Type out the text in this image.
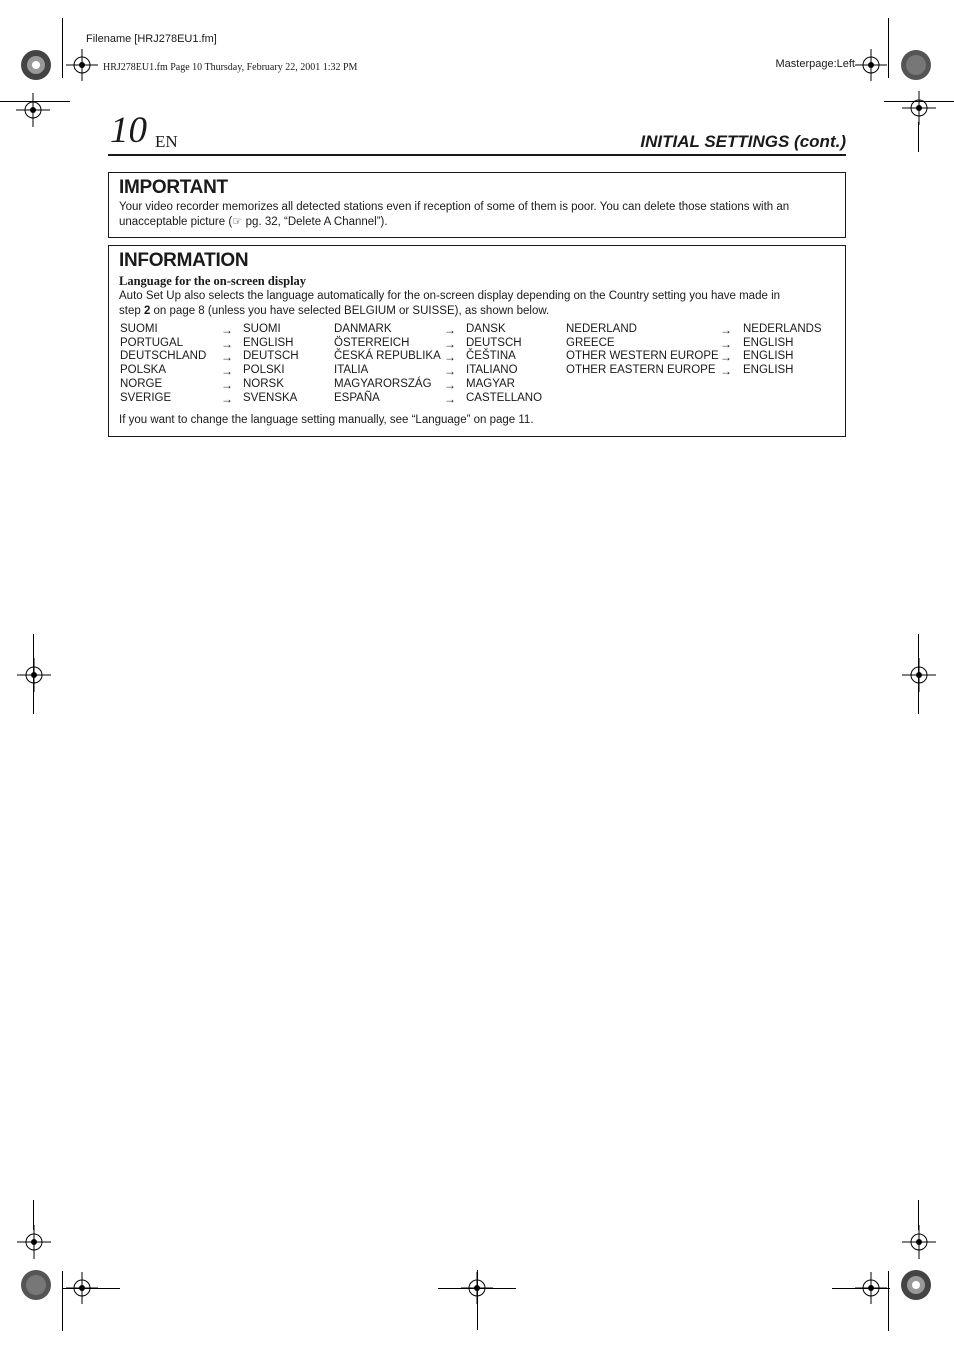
Filename [HRJ278EU1.fm]
HRJ278EU1.fm Page 10 Thursday, February 22, 2001 1:32 PM	Masterpage:Left
10 EN	INITIAL SETTINGS (cont.)
IMPORTANT
Your video recorder memorizes all detected stations even if reception of some of them is poor. You can delete those stations with an
unacceptable picture (☞ pg. 32, “Delete A Channel”).
INFORMATION
Language for the on-screen display
Auto Set Up also selects the language automatically for the on-screen display depending on the Country setting you have made in
step 2 on page 8 (unless you have selected BELGIUM or SUISSE), as shown below.
SUOMI	→ SUOMI
PORTUGAL	→ ENGLISH
DEUTSCHLAND → DEUTSCH
POLSKA	→ POLSKI
NORGE	→ NORSK
SVERIGE	→ SVENSKA
DANMARK	→ DANSK
ÖSTERREICH	→ DEUTSCH
ČESKÁ REPUBLIKA → ČEŠTINA
ITALIA	→ ITALIANO
MAGYARORSZÁG → MAGYAR
ESPAÑA	→ CASTELLANO
NEDERLAND	→ NEDERLANDS
GREECE	→ ENGLISH
OTHER WESTERN EUROPE → ENGLISH
OTHER EASTERN EUROPE → ENGLISH
If you want to change the language setting manually, see “Language” on page 11.
